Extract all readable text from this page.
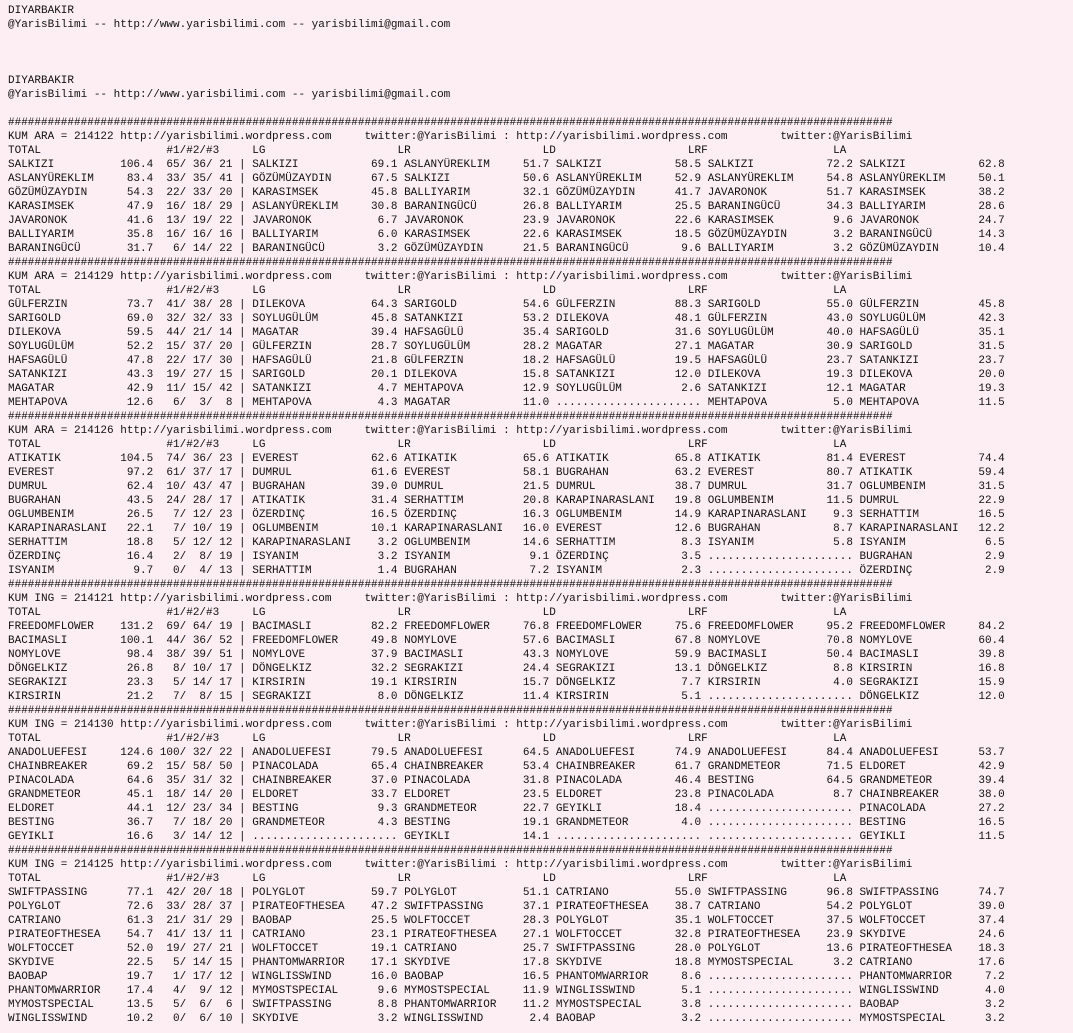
DIYARBAKIR
@YarisBilimi -- http://www.yarisbilimi.com -- yarisbilimi@gmail.com

DIYARBAKIR
@YarisBilimi -- http://www.yarisbilimi.com -- yarisbilimi@gmail.com

######################################################################################################################################
KUM ARA = 214122 http://yarisbilimi.wordpress.com     twitter:@YarisBilimi : http://yarisbilimi.wordpress.com        twitter:@YarisBilimi
TOTAL                   #1/#2/#3     LG                    LR                    LD                    LRF                   LA
SALKIZI          106.4  65/ 36/ 21 | SALKIZI           69.1 ASLANYÜREKLIM     51.7 SALKIZI           58.5 SALKIZI           72.2 SALKIZI           62.8
ASLANYÜREKLIM     83.4  33/ 35/ 41 | GÖZÜMÜZAYDIN      67.5 SALKIZI           50.6 ASLANYÜREKLIM     52.9 ASLANYÜREKLIM     54.8 ASLANYÜREKLIM     50.1
GÖZÜMÜZAYDIN      54.3  22/ 33/ 20 | KARASIMSEK        45.8 BALLIYARIM        32.1 GÖZÜMÜZAYDIN      41.7 JAVARONOK         51.7 KARASIMSEK        38.2
KARASIMSEK        47.9  16/ 18/ 29 | ASLANYÜREKLIM     30.8 BARANINGÜCÜ       26.8 BALLIYARIM        25.5 BARANINGÜCÜ       34.3 BALLIYARIM        28.6
JAVARONOK         41.6  13/ 19/ 22 | JAVARONOK          6.7 JAVARONOK         23.9 JAVARONOK         22.6 KARASIMSEK         9.6 JAVARONOK         24.7
BALLIYARIM        35.8  16/ 16/ 16 | BALLIYARIM         6.0 KARASIMSEK        22.6 KARASIMSEK        18.5 GÖZÜMÜZAYDIN       3.2 BARANINGÜCÜ       14.3
BARANINGÜCÜ       31.7   6/ 14/ 22 | BARANINGÜCÜ        3.2 GÖZÜMÜZAYDIN      21.5 BARANINGÜCÜ        9.6 BALLIYARIM         3.2 GÖZÜMÜZAYDIN      10.4
######################################################################################################################################
KUM ARA = 214129 http://yarisbilimi.wordpress.com     twitter:@YarisBilimi : http://yarisbilimi.wordpress.com        twitter:@YarisBilimi
TOTAL                   #1/#2/#3     LG                    LR                    LD                    LRF                   LA
GÜLFERZIN         73.7  41/ 38/ 28 | DILEKOVA          64.3 SARIGOLD          54.6 GÜLFERZIN         88.3 SARIGOLD          55.0 GÜLFERZIN         45.8
SARIGOLD          69.0  32/ 32/ 33 | SOYLUGÜLÜM        45.8 SATANKIZI         53.2 DILEKOVA          48.1 GÜLFERZIN         43.0 SOYLUGÜLÜM        42.3
DILEKOVA          59.5  44/ 21/ 14 | MAGATAR           39.4 HAFSAGÜLÜ         35.4 SARIGOLD          31.6 SOYLUGÜLÜM        40.0 HAFSAGÜLÜ         35.1
SOYLUGÜLÜM        52.2  15/ 37/ 20 | GÜLFERZIN         28.7 SOYLUGÜLÜM        28.2 MAGATAR           27.1 MAGATAR           30.9 SARIGOLD          31.5
HAFSAGÜLÜ         47.8  22/ 17/ 30 | HAFSAGÜLÜ         21.8 GÜLFERZIN         18.2 HAFSAGÜLÜ         19.5 HAFSAGÜLÜ         23.7 SATANKIZI         23.7
SATANKIZI         43.3  19/ 27/ 15 | SARIGOLD          20.1 DILEKOVA          15.8 SATANKIZI         12.0 DILEKOVA          19.3 DILEKOVA          20.0
MAGATAR           42.9  11/ 15/ 42 | SATANKIZI          4.7 MEHTAPOVA         12.9 SOYLUGÜLÜM         2.6 SATANKIZI         12.1 MAGATAR           19.3
MEHTAPOVA         12.6   6/  3/  8 | MEHTAPOVA          4.3 MAGATAR           11.0 ...................... MEHTAPOVA          5.0 MEHTAPOVA         11.5
######################################################################################################################################
KUM ARA = 214126 http://yarisbilimi.wordpress.com     twitter:@YarisBilimi : http://yarisbilimi.wordpress.com        twitter:@YarisBilimi
TOTAL                   #1/#2/#3     LG                    LR                    LD                    LRF                   LA
ATIKATIK         104.5  74/ 36/ 23 | EVEREST           62.6 ATIKATIK          65.6 ATIKATIK          65.8 ATIKATIK          81.4 EVEREST           74.4
EVEREST           97.2  61/ 37/ 17 | DUMRUL            61.6 EVEREST           58.1 BUGRAHAN          63.2 EVEREST           80.7 ATIKATIK          59.4
DUMRUL            62.4  10/ 43/ 47 | BUGRAHAN          39.0 DUMRUL            21.5 DUMRUL            38.7 DUMRUL            31.7 OGLUMBENIM        31.5
BUGRAHAN          43.5  24/ 28/ 17 | ATIKATIK          31.4 SERHATTIM         20.8 KARAPINARASLANI   19.8 OGLUMBENIM        11.5 DUMRUL            22.9
OGLUMBENIM        26.5   7/ 12/ 23 | ÖZERDINÇ          16.5 ÖZERDINÇ          16.3 OGLUMBENIM        14.9 KARAPINARASLANI    9.3 SERHATTIM         16.5
KARAPINARASLANI   22.1   7/ 10/ 19 | OGLUMBENIM        10.1 KARAPINARASLANI   16.0 EVEREST           12.6 BUGRAHAN           8.7 KARAPINARASLANI   12.2
SERHATTIM         18.8   5/ 12/ 12 | KARAPINARASLANI    3.2 OGLUMBENIM        14.6 SERHATTIM          8.3 ISYANIM            5.8 ISYANIM            6.5
ÖZERDINÇ          16.4   2/  8/ 19 | ISYANIM            3.2 ISYANIM            9.1 ÖZERDINÇ           3.5 ...................... BUGRAHAN           2.9
ISYANIM            9.7   0/  4/ 13 | SERHATTIM          1.4 BUGRAHAN           7.2 ISYANIM            2.3 ...................... ÖZERDINÇ           2.9
######################################################################################################################################
KUM ING = 214121 http://yarisbilimi.wordpress.com     twitter:@YarisBilimi : http://yarisbilimi.wordpress.com        twitter:@YarisBilimi
TOTAL                   #1/#2/#3     LG                    LR                    LD                    LRF                   LA
FREEDOMFLOWER    131.2  69/ 64/ 19 | BACIMASLI         82.2 FREEDOMFLOWER     76.8 FREEDOMFLOWER     75.6 FREEDOMFLOWER     95.2 FREEDOMFLOWER     84.2
BACIMASLI        100.1  44/ 36/ 52 | FREEDOMFLOWER     49.8 NOMYLOVE          57.6 BACIMASLI         67.8 NOMYLOVE          70.8 NOMYLOVE          60.4
NOMYLOVE          98.4  38/ 39/ 51 | NOMYLOVE          37.9 BACIMASLI         43.3 NOMYLOVE          59.9 BACIMASLI         50.4 BACIMASLI         39.8
DÖNGELKIZ         26.8   8/ 10/ 17 | DÖNGELKIZ         32.2 SEGRAKIZI         24.4 SEGRAKIZI         13.1 DÖNGELKIZ          8.8 KIRSIRIN          16.8
SEGRAKIZI         23.3   5/ 14/ 17 | KIRSIRIN          19.1 KIRSIRIN          15.7 DÖNGELKIZ          7.7 KIRSIRIN           4.0 SEGRAKIZI         15.9
KIRSIRIN          21.2   7/  8/ 15 | SEGRAKIZI          8.0 DÖNGELKIZ         11.4 KIRSIRIN           5.1 ...................... DÖNGELKIZ         12.0
######################################################################################################################################
KUM ING = 214130 http://yarisbilimi.wordpress.com     twitter:@YarisBilimi : http://yarisbilimi.wordpress.com        twitter:@YarisBilimi
TOTAL                   #1/#2/#3     LG                    LR                    LD                    LRF                   LA
ANADOLUEFESI     124.6 100/ 32/ 22 | ANADOLUEFESI      79.5 ANADOLUEFESI      64.5 ANADOLUEFESI      74.9 ANADOLUEFESI      84.4 ANADOLUEFESI      53.7
CHAINBREAKER      69.2  15/ 58/ 50 | PINACOLADA        65.4 CHAINBREAKER      53.4 CHAINBREAKER      61.7 GRANDMETEOR       71.5 ELDORET           42.9
PINACOLADA        64.6  35/ 31/ 32 | CHAINBREAKER      37.0 PINACOLADA        31.8 PINACOLADA        46.4 BESTING           64.5 GRANDMETEOR       39.4
GRANDMETEOR       45.1  18/ 14/ 20 | ELDORET           33.7 ELDORET           23.5 ELDORET           23.8 PINACOLADA         8.7 CHAINBREAKER      38.0
ELDORET           44.1  12/ 23/ 34 | BESTING            9.3 GRANDMETEOR       22.7 GEYIKLI           18.4 ...................... PINACOLADA        27.2
BESTING           36.7   7/ 18/ 20 | GRANDMETEOR        4.3 BESTING           19.1 GRANDMETEOR        4.0 ...................... BESTING           16.5
GEYIKLI           16.6   3/ 14/ 12 | ...................... GEYIKLI           14.1 ...................... ...................... GEYIKLI           11.5
######################################################################################################################################
KUM ING = 214125 http://yarisbilimi.wordpress.com     twitter:@YarisBilimi : http://yarisbilimi.wordpress.com        twitter:@YarisBilimi
TOTAL                   #1/#2/#3     LG                    LR                    LD                    LRF                   LA
SWIFTPASSING      77.1  42/ 20/ 18 | POLYGLOT          59.7 POLYGLOT          51.1 CATRIANO          55.0 SWIFTPASSING      96.8 SWIFTPASSING      74.7
POLYGLOT          72.6  33/ 28/ 37 | PIRATEOFTHESEA    47.2 SWIFTPASSING      37.1 PIRATEOFTHESEA    38.7 CATRIANO          54.2 POLYGLOT          39.0
CATRIANO          61.3  21/ 31/ 29 | BAOBAP            25.5 WOLFTOCCET        28.3 POLYGLOT          35.1 WOLFTOCCET        37.5 WOLFTOCCET        37.4
PIRATEOFTHESEA    54.7  41/ 13/ 11 | CATRIANO          23.1 PIRATEOFTHESEA    27.1 WOLFTOCCET        32.8 PIRATEOFTHESEA    23.9 SKYDIVE           24.6
WOLFTOCCET        52.0  19/ 27/ 21 | WOLFTOCCET        19.1 CATRIANO          25.7 SWIFTPASSING      28.0 POLYGLOT          13.6 PIRATEOFTHESEA    18.3
SKYDIVE           22.5   5/ 14/ 15 | PHANTOMWARRIOR    17.1 SKYDIVE           17.8 SKYDIVE           18.8 MYMOSTSPECIAL      3.2 CATRIANO          17.6
BAOBAP            19.7   1/ 17/ 12 | WINGLISSWIND      16.0 BAOBAP            16.5 PHANTOMWARRIOR     8.6 ...................... PHANTOMWARRIOR     7.2
PHANTOMWARRIOR    17.4   4/  9/ 12 | MYMOSTSPECIAL      9.6 MYMOSTSPECIAL     11.9 WINGLISSWIND       5.1 ...................... WINGLISSWIND       4.0
MYMOSTSPECIAL     13.5   5/  6/  6 | SWIFTPASSING       8.8 PHANTOMWARRIOR    11.2 MYMOSTSPECIAL      3.8 ...................... BAOBAP             3.2
WINGLISSWIND      10.2   0/  6/ 10 | SKYDIVE            3.2 WINGLISSWIND       2.4 BAOBAP             3.2 ...................... MYMOSTSPECIAL      3.2
